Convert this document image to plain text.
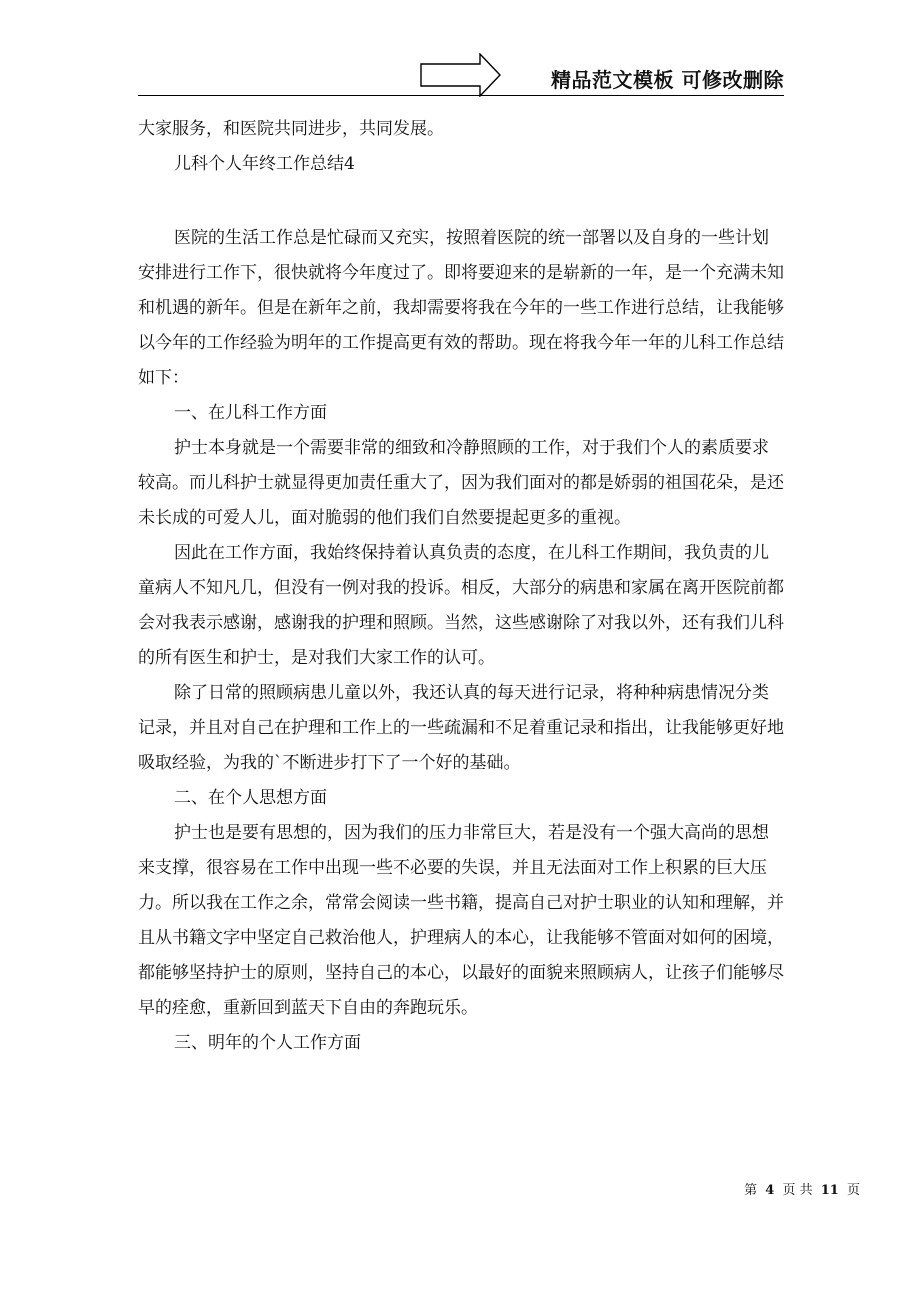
精品范文模板 可修改删除

大家服务，和医院共同进步，共同发展。

儿科个人年终工作总结4

医院的生活工作总是忙碌而又充实，按照着医院的统一部署以及自身的一些计划安排进行工作下，很快就将今年度过了。即将要迎来的是崭新的一年，是一个充满未知和机遇的新年。但是在新年之前，我却需要将我在今年的一些工作进行总结，让我能够以今年的工作经验为明年的工作提高更有效的帮助。现在将我今年一年的儿科工作总结如下：

一、在儿科工作方面

护士本身就是一个需要非常的细致和冷静照顾的工作，对于我们个人的素质要求较高。而儿科护士就显得更加责任重大了，因为我们面对的都是娇弱的祖国花朵，是还未长成的可爱人儿，面对脆弱的他们我们自然要提起更多的重视。

因此在工作方面，我始终保持着认真负责的态度，在儿科工作期间，我负责的儿童病人不知凡几，但没有一例对我的投诉。相反，大部分的病患和家属在离开医院前都会对我表示感谢，感谢我的护理和照顾。当然，这些感谢除了对我以外，还有我们儿科的所有医生和护士，是对我们大家工作的认可。

除了日常的照顾病患儿童以外，我还认真的每天进行记录，将种种病患情况分类记录，并且对自己在护理和工作上的一些疏漏和不足着重记录和指出，让我能够更好地吸取经验，为我的`不断进步打下了一个好的基础。

二、在个人思想方面

护士也是要有思想的，因为我们的压力非常巨大，若是没有一个强大高尚的思想来支撑，很容易在工作中出现一些不必要的失误，并且无法面对工作上积累的巨大压力。所以我在工作之余，常常会阅读一些书籍，提高自己对护士职业的认知和理解，并且从书籍文字中坚定自己救治他人，护理病人的本心，让我能够不管面对如何的困境，都能够坚持护士的原则，坚持自己的本心，以最好的面貌来照顾病人，让孩子们能够尽早的痊愈，重新回到蓝天下自由的奔跑玩乐。

三、明年的个人工作方面

第 4 页 共 11 页
